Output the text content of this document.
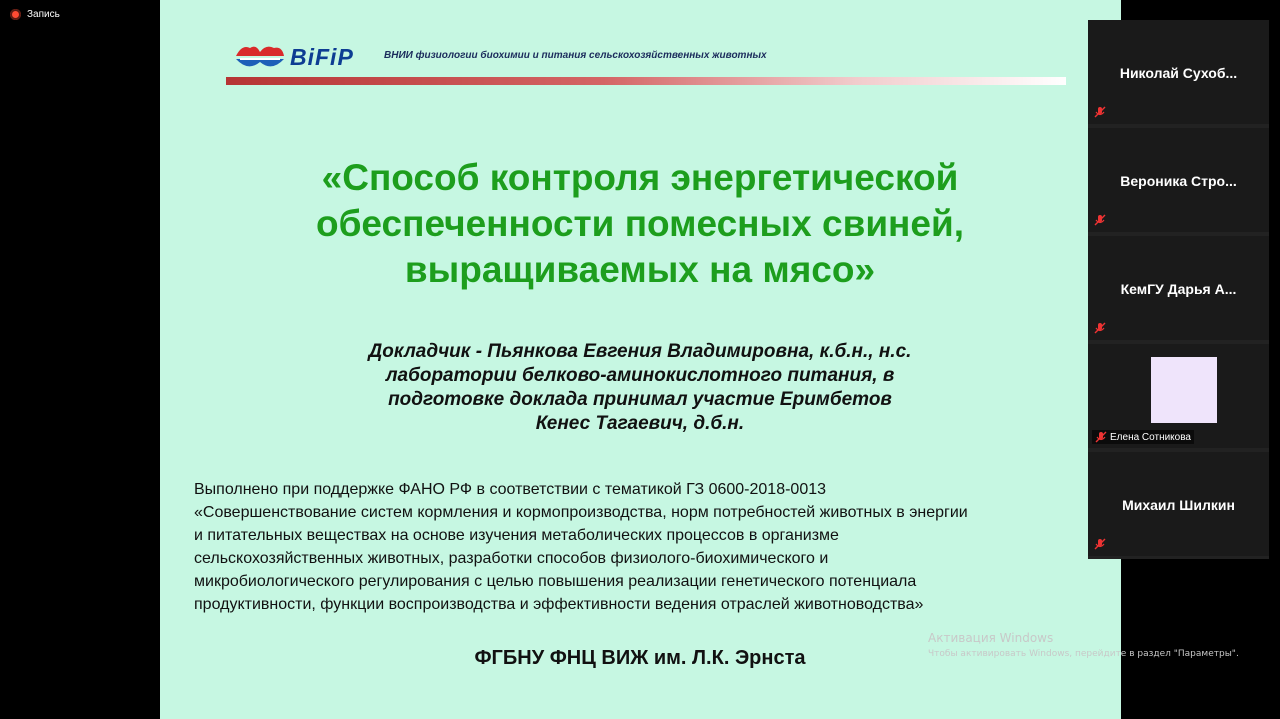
Запись
BiFiP	ВНИИ физиологии биохимии и питания сельскохозяйственных животных
«Способ контроля энергетической
обеспеченности помесных свиней,
выращиваемых на мясо»
Докладчик - Пьянкова Евгения Владимировна, к.б.н., н.с.
лаборатории белково-аминокислотного питания, в
подготовке доклада принимал участие Еримбетов
Кенес Тагаевич, д.б.н.
Выполнено при поддержке ФАНО РФ в соответствии с тематикой ГЗ 0600-2018-0013
«Совершенствование систем кормления и кормопроизводства, норм потребностей животных в энергии
и питательных веществах на основе изучения метаболических процессов в организме
сельскохозяйственных животных, разработки способов физиолого-биохимического и
микробиологического регулирования с целью повышения реализации генетического потенциала
продуктивности, функции воспроизводства и эффективности ведения отраслей животноводства»
ФГБНУ ФНЦ ВИЖ им. Л.К. Эрнста
Активация Windows
Чтобы активировать Windows, перейдите в раздел "Параметры".
Николай Сухоб...
Вероника Стро...
КемГУ Дарья А...
Елена Сотникова
Михаил Шилкин
